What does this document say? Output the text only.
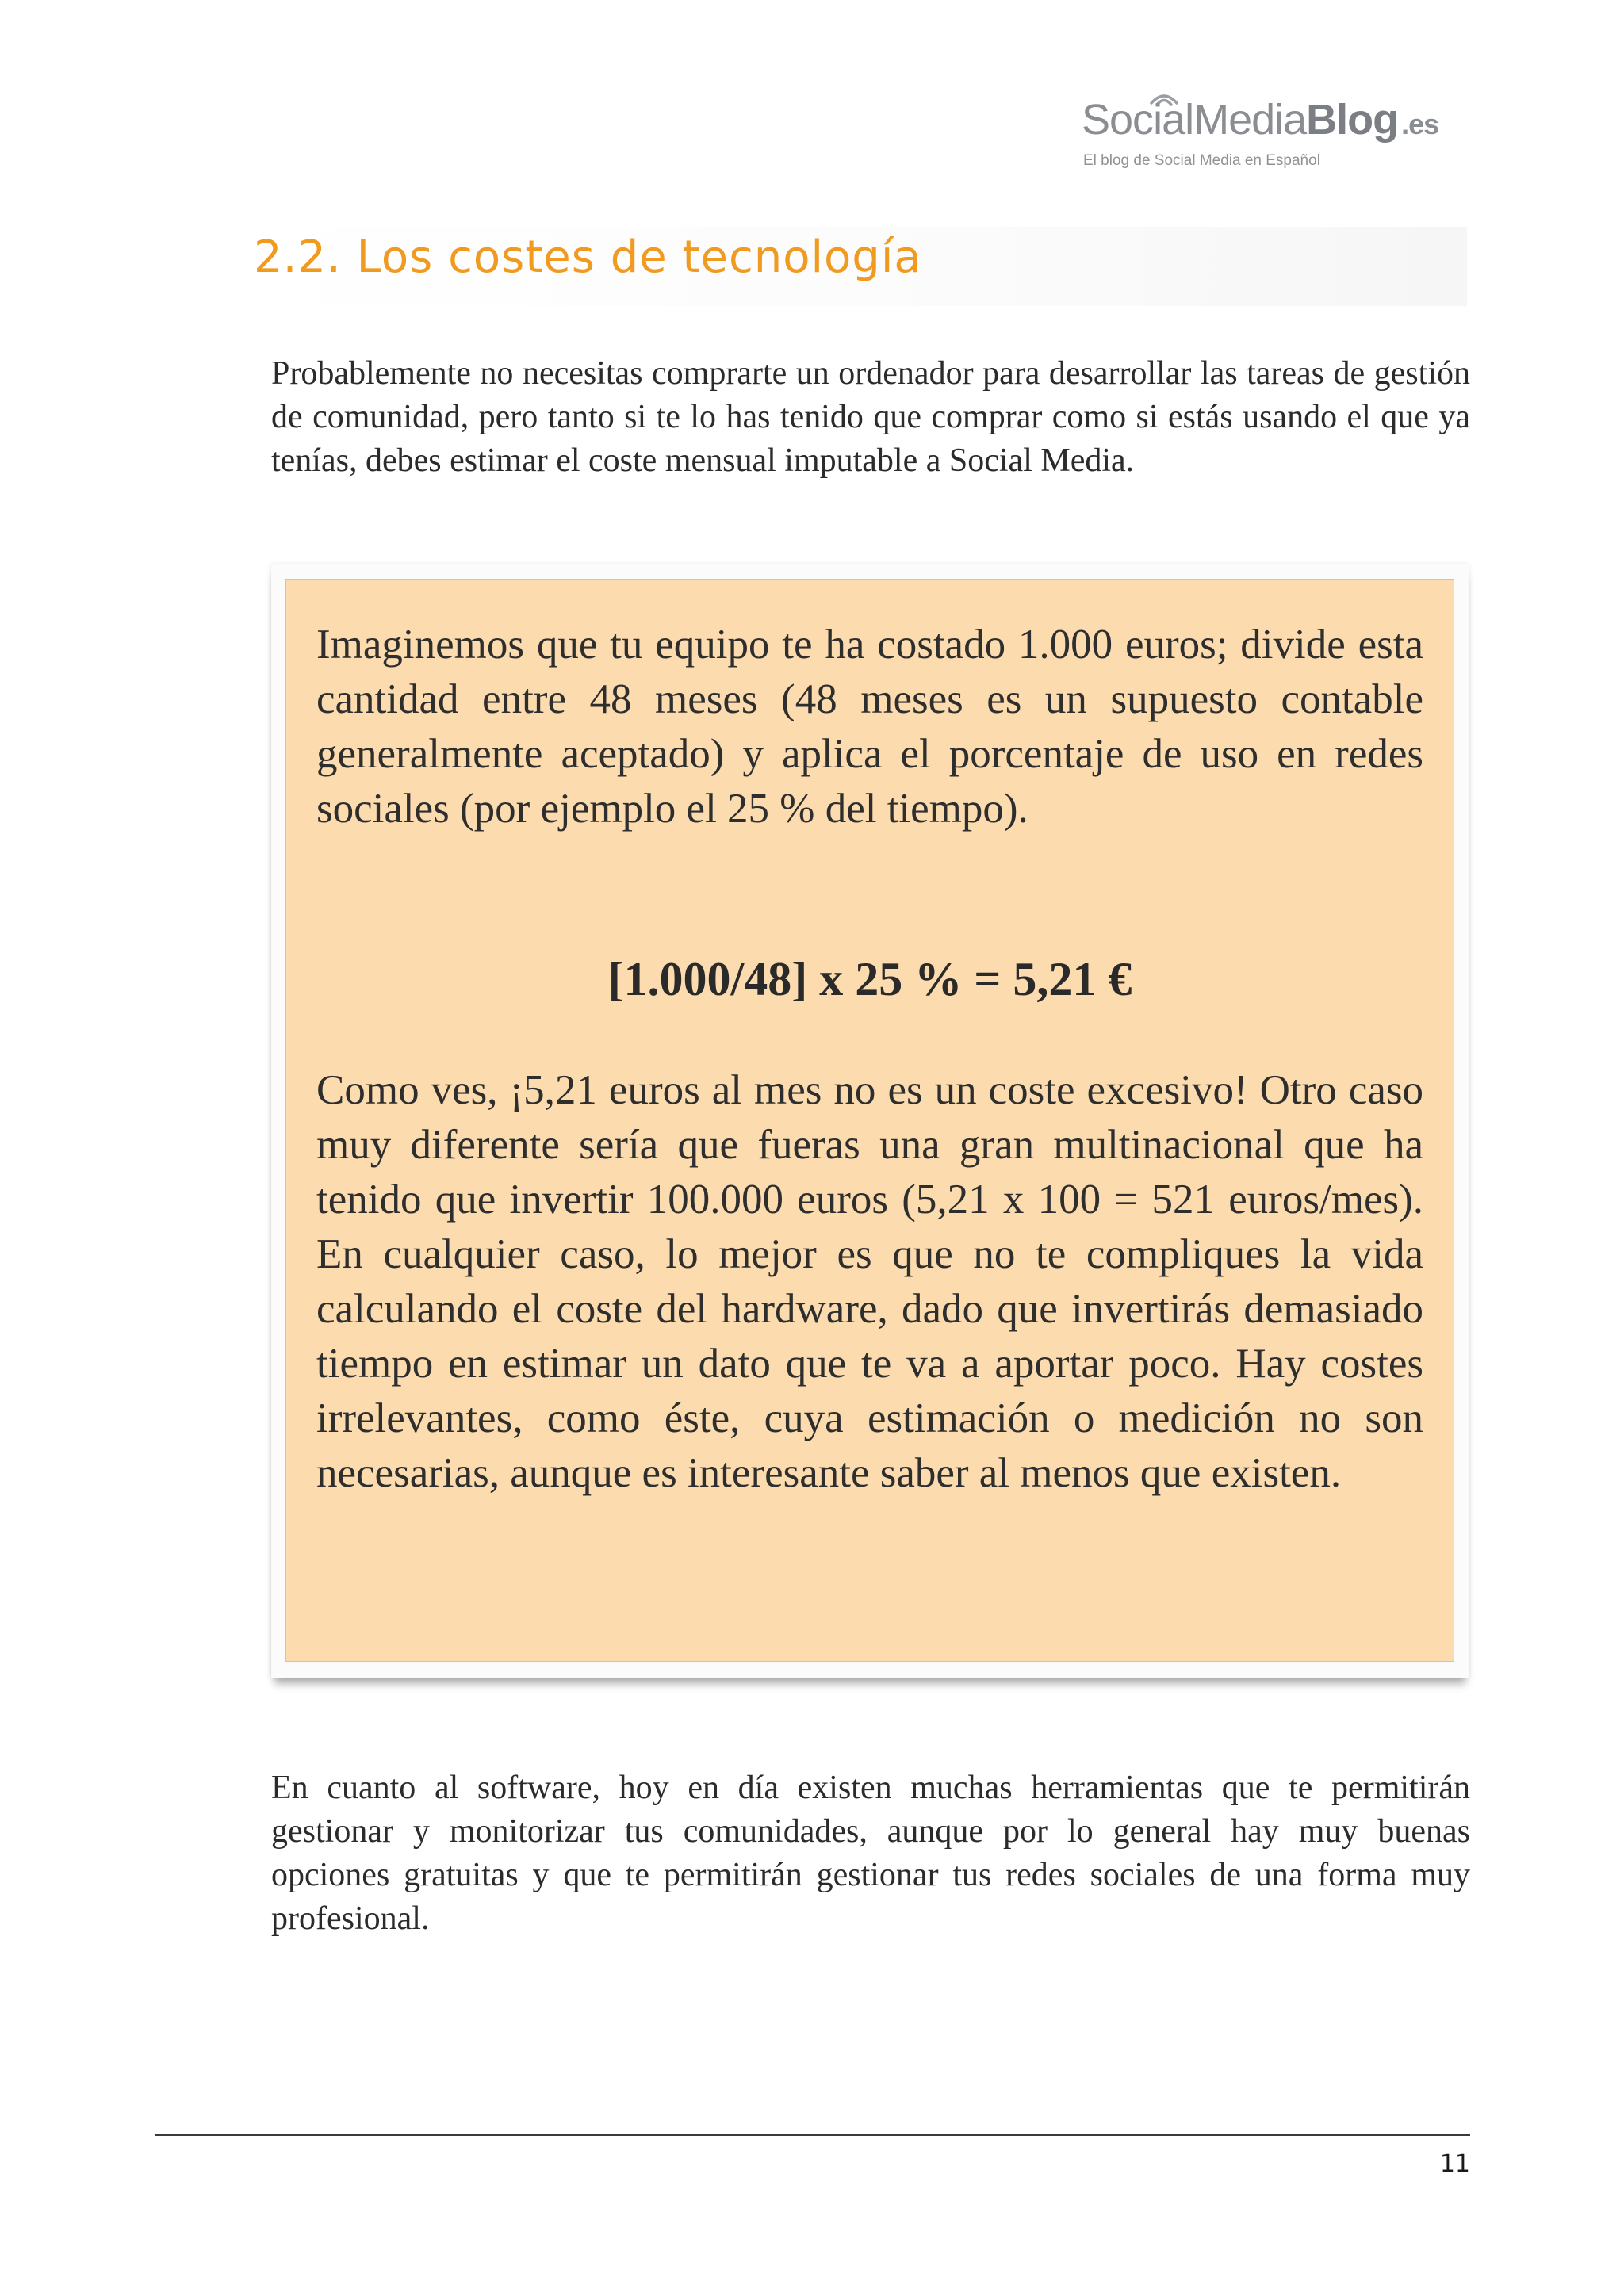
SocialMediaBlog .es
El blog de Social Media en Español
2.2. Los costes de tecnología

Probablemente no necesitas comprarte un ordenador para desarrollar las tareas de gestión de comunidad, pero tanto si te lo has tenido que comprar como si estás usando el que ya tenías, debes estimar el coste mensual imputable a Social Media.

Imaginemos que tu equipo te ha costado 1.000 euros; divide esta cantidad entre 48 meses (48 meses es un supuesto contable generalmente aceptado) y aplica el porcentaje de uso en redes sociales (por ejemplo el 25 % del tiempo).

[1.000/48] x 25 % = 5,21 €

Como ves, ¡5,21 euros al mes no es un coste excesivo! Otro caso muy diferente sería que fueras una gran multinacional que ha tenido que invertir 100.000 euros (5,21 x 100 = 521 euros/mes). En cualquier caso, lo mejor es que no te compliques la vida calculando el coste del hardware, dado que invertirás demasiado tiempo en estimar un dato que te va a aportar poco. Hay costes irrelevantes, como éste, cuya estimación o medición no son necesarias, aunque es interesante saber al menos que existen.

En cuanto al software, hoy en día existen muchas herramientas que te permitirán gestionar y monitorizar tus comunidades, aunque por lo general hay muy buenas opciones gratuitas y que te permitirán gestionar tus redes sociales de una forma muy profesional.

11
